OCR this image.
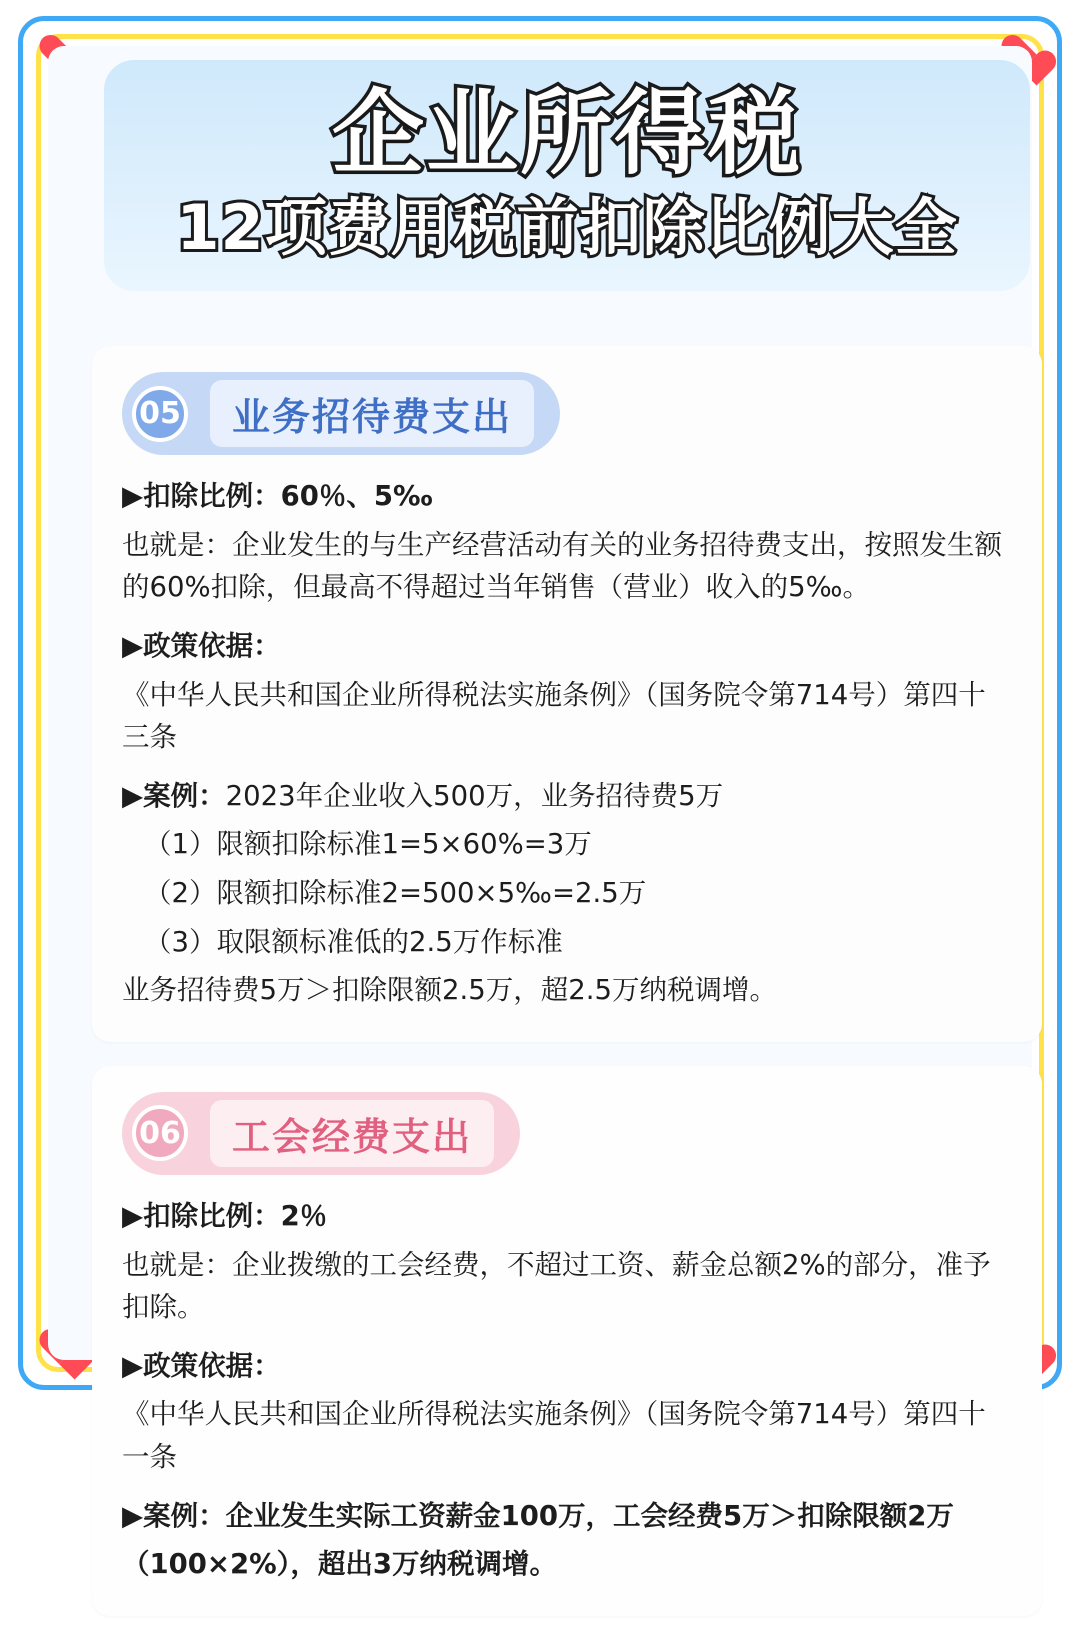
企业所得税
12项费用税前扣除比例大全
05	业务招待费支出
▶扣除比例：60％、5‰
也就是：企业发生的与生产经营活动有关的业务招待费支出，按照发生额的60%扣除，但最高不得超过当年销售（营业）收入的5‰。
▶政策依据：
《中华人民共和国企业所得税法实施条例》（国务院令第714号）第四十三条
▶案例：2023年企业收入500万，业务招待费5万
（1）限额扣除标准1=5×60%=3万
（2）限额扣除标准2=500×5‰=2.5万
（3）取限额标准低的2.5万作标准
业务招待费5万＞扣除限额2.5万，超2.5万纳税调增。
06	工会经费支出
▶扣除比例：2％
也就是：企业拨缴的工会经费，不超过工资、薪金总额2%的部分，准予扣除。
▶政策依据：
《中华人民共和国企业所得税法实施条例》（国务院令第714号）第四十一条
▶案例：企业发生实际工资薪金100万，工会经费5万＞扣除限额2万
（100×2%），超出3万纳税调增。
